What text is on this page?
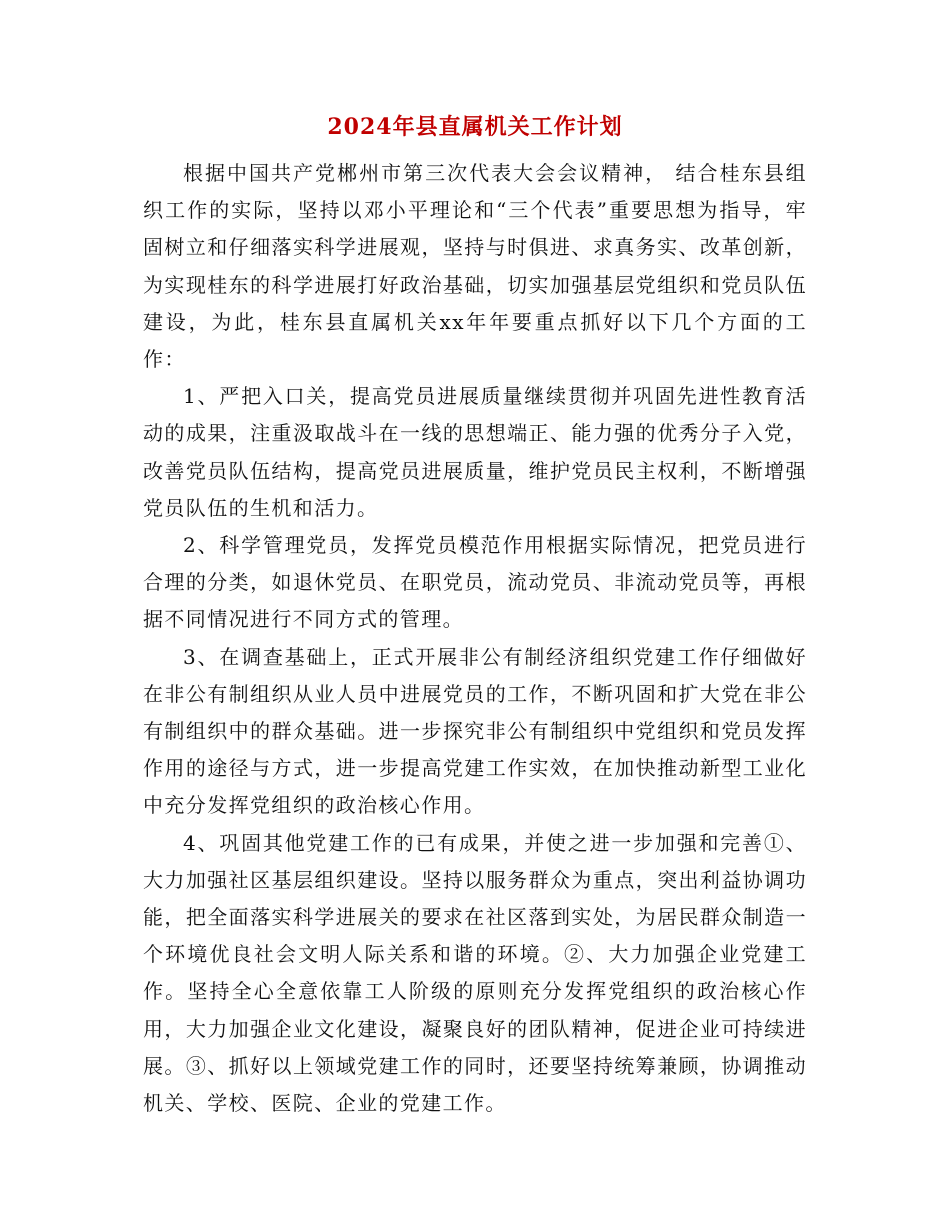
2024年县直属机关工作计划

根据中国共产党郴州市第三次代表大会会议精神， 结合桂东县组织工作的实际，坚持以邓小平理论和“三个代表”重要思想为指导，牢固树立和仔细落实科学进展观，坚持与时俱进、求真务实、改革创新，为实现桂东的科学进展打好政治基础，切实加强基层党组织和党员队伍建设，为此，桂东县直属机关xx年年要重点抓好以下几个方面的工作：

1、严把入口关，提高党员进展质量继续贯彻并巩固先进性教育活动的成果，注重汲取战斗在一线的思想端正、能力强的优秀分子入党，改善党员队伍结构，提高党员进展质量，维护党员民主权利，不断增强党员队伍的生机和活力。

2、科学管理党员，发挥党员模范作用根据实际情况，把党员进行合理的分类，如退休党员、在职党员，流动党员、非流动党员等，再根据不同情况进行不同方式的管理。

3、在调查基础上，正式开展非公有制经济组织党建工作仔细做好在非公有制组织从业人员中进展党员的工作，不断巩固和扩大党在非公有制组织中的群众基础。进一步探究非公有制组织中党组织和党员发挥作用的途径与方式，进一步提高党建工作实效，在加快推动新型工业化中充分发挥党组织的政治核心作用。

4、巩固其他党建工作的已有成果，并使之进一步加强和完善①、大力加强社区基层组织建设。坚持以服务群众为重点，突出利益协调功能，把全面落实科学进展关的要求在社区落到实处，为居民群众制造一个环境优良社会文明人际关系和谐的环境。②、大力加强企业党建工作。坚持全心全意依靠工人阶级的原则充分发挥党组织的政治核心作用，大力加强企业文化建设，凝聚良好的团队精神，促进企业可持续进展。③、抓好以上领域党建工作的同时，还要坚持统筹兼顾，协调推动机关、学校、医院、企业的党建工作。
